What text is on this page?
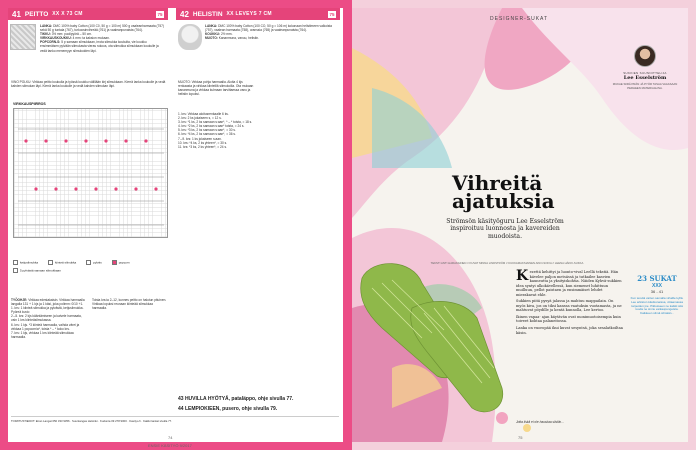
41 PEITTO XX X 73 CM	75
LANKA: DMC 100% baby Cotton (100 C0, 50 g = 100 m) 500 g vaaleanharmaata (757) sekä 50 g tuntala (767), turkoosinvihreää (761) ja vaaleanpunaista (764).
TIKKU: 3½ mm: puolipyörä – 50 cm.
VIRKKAUSKOUKKU: 4 mm: ta kaksion mukaan.
POPCORN-S: 5 p samaan silmukkaan, irrota silmukka koukulta, vie koukku ensimmäisen pylvään silmukasta vieras rukous, ota silmukka silmukkaan koukulle ja vedä tanko menemyyn silmukoiden läpi.
VINO POLKU: Virkkaa peitto koukulla ja työssä koukku välillään kirj silmukkaan. Kierrä lanka koukulle ja vedä kahden silmukan läpi. Kierrä lanka koukulle ja vedä kahden silmukan läpi.
VIRKKAUSPIIRROS
ketjusilmukka	kiinteä silmukka	pylväs	popcorn
5 pylvästä samaan silmukkaan
TYÖOHJE: Virkkaa edestakaisin. Virkkaa harmaalla langalla 131 + 1 kjs ja 1 käsi, joka polimm: 0/10 +1.
1. krs: 1 kiinteä silmukka ja pylvästä, ketjusilmukka. Pyöreä kuvio
2.–5. krs: 2 kjs kääntämiseen ja kaivele harmaata, vain 1 krs kiinteäsilmukassa.
6. krs: 1 kjs. *3 kiinteä harmaalla, vaihda värei ja virkkaa 1 popcornia*, toista * – * koko krs.
7. krs: 1 kjs, virkkaa 1 krs kiinteää silmukkaa harmaalla.
Toista krs:ia 2–12, kunnes peitto on halutun pituinen. Virkkaa lopuksi reunaan kiinteää silmukkaa harmaalla.
42 HELISTIN XX LEVEYS 7 CM	75
LANKA: DMC 100% baby Cotton (100 CO, 50 g = 106 m) kokonaan helistimeen valkoista (757), vaalean harmaata (758), oranssia (765) ja vaaleanpunaista (764).
KOUKKU: 2½ mm.
MUOTO: Kananmuna, vanuu, helistin.
MUOTO: Virkkaa pohja harmaalla. Aloita 4 kjs renkaasta ja virkkaa kiinteillä silmukoilla. Ota mukaan kananmuna ja virkkaa kulmaan tarvittaessa vanu ja helistin lopuksi.
1. krs: Virkkaa aloitusrenkaalle 6 ks.
2. krs: 2 ks jokaiseen s, = 12 s.
3. krs: *1 ks, 2 ks samaan s:aan*, * – * toista, = 18 s.
4. krs: *2 ks, 2 ks samaan s:aan* toista, = 24 s.
5. krs: *3 ks, 2 ks samaan s:aan*, = 30 s.
6. krs: *4 ks, 2 ks samaan s:aan*, = 36 s.
7.–9. krs: 1 ks jokaiseen s:aan.
10. krs: *4 ks, 2 ks yhteen*, = 30 s.
11. krs: *3 ks, 2 ks yhteen*, = 24 s.
43 HUVILLA HYÖTYÄ, pataläppo, ohje sivulla 77.
44 LEMPIOKIEEN, pusero, ohje sivulla 79.
TOIMITUSTIEDOT: Eiran Langat 050 333 9356 · Suurkangas Helsinki · Kudonta 09 278 9000 · Kasityo.fi · Kaikki lankat sivulla 77.
74
ENSIE KÄSITYÖ 9/2017
DESIGNER-SUKAT
SUKKIEN SUUNNITTELIJA
Lee Esselström
MUKAE SIIRÄ PRÄN JÄ PYÖR TASAA VAAASAAN PERHEEN MATERIAALINA.
Vihreitä
ajatuksia
Strömsön käsityöguru Lee Esselström inspiroituu luonnosta ja kavereiden muodoista.
TEKSTI ANTI HARAKAINEN // KUVAT MINNA LINDSTRÖM // KUKKAMAKSIAINEN AINO-SOFIA // LEENA HÄKKI-SUKKA
Kezettä kehittyi ja luonto-vival Leellä tekstiä. Hän kävelee paljon metsässä ja tutkailee kasvien kauneutta ja yksityiskohtia. Näiden Kyhvä-sukkien idea syntyi ulkokävellessä, kun siemenet luhittuun muilluun, pellot paistaen ja ensimmäiset lehdet mierakavat ehle.

Sukkien piitä pysyä jalassa ja mahtuu mappailain. On myös kiva, jos on tiksi kanssa vaatuksin vuotamasta, ja ne mahtuvat pöydille ja kentä kunnolla, Lee kertoo.

Ikinen vapaa- ajan käytävän ovat monimuotoisempia kuin toiveet kohtaa palaneitossa.

Lanka on vuoropää ikui kuvat sesyntsä, joka sesalatkoiltaa käsin.

23 SUKAT
XXX
36 - 41
Kun tereitä varten samalla virtaille kyllä. Lee arkiston käsikunaissa, viitaamassa tarpeiden jne. Pikkuiseen ne kaikki sitä tuoda ne sinnu esikaupungeista. Kaikkeen silmä silmään...
Jotta liskä ei ole hauskaa siistiin...
75
